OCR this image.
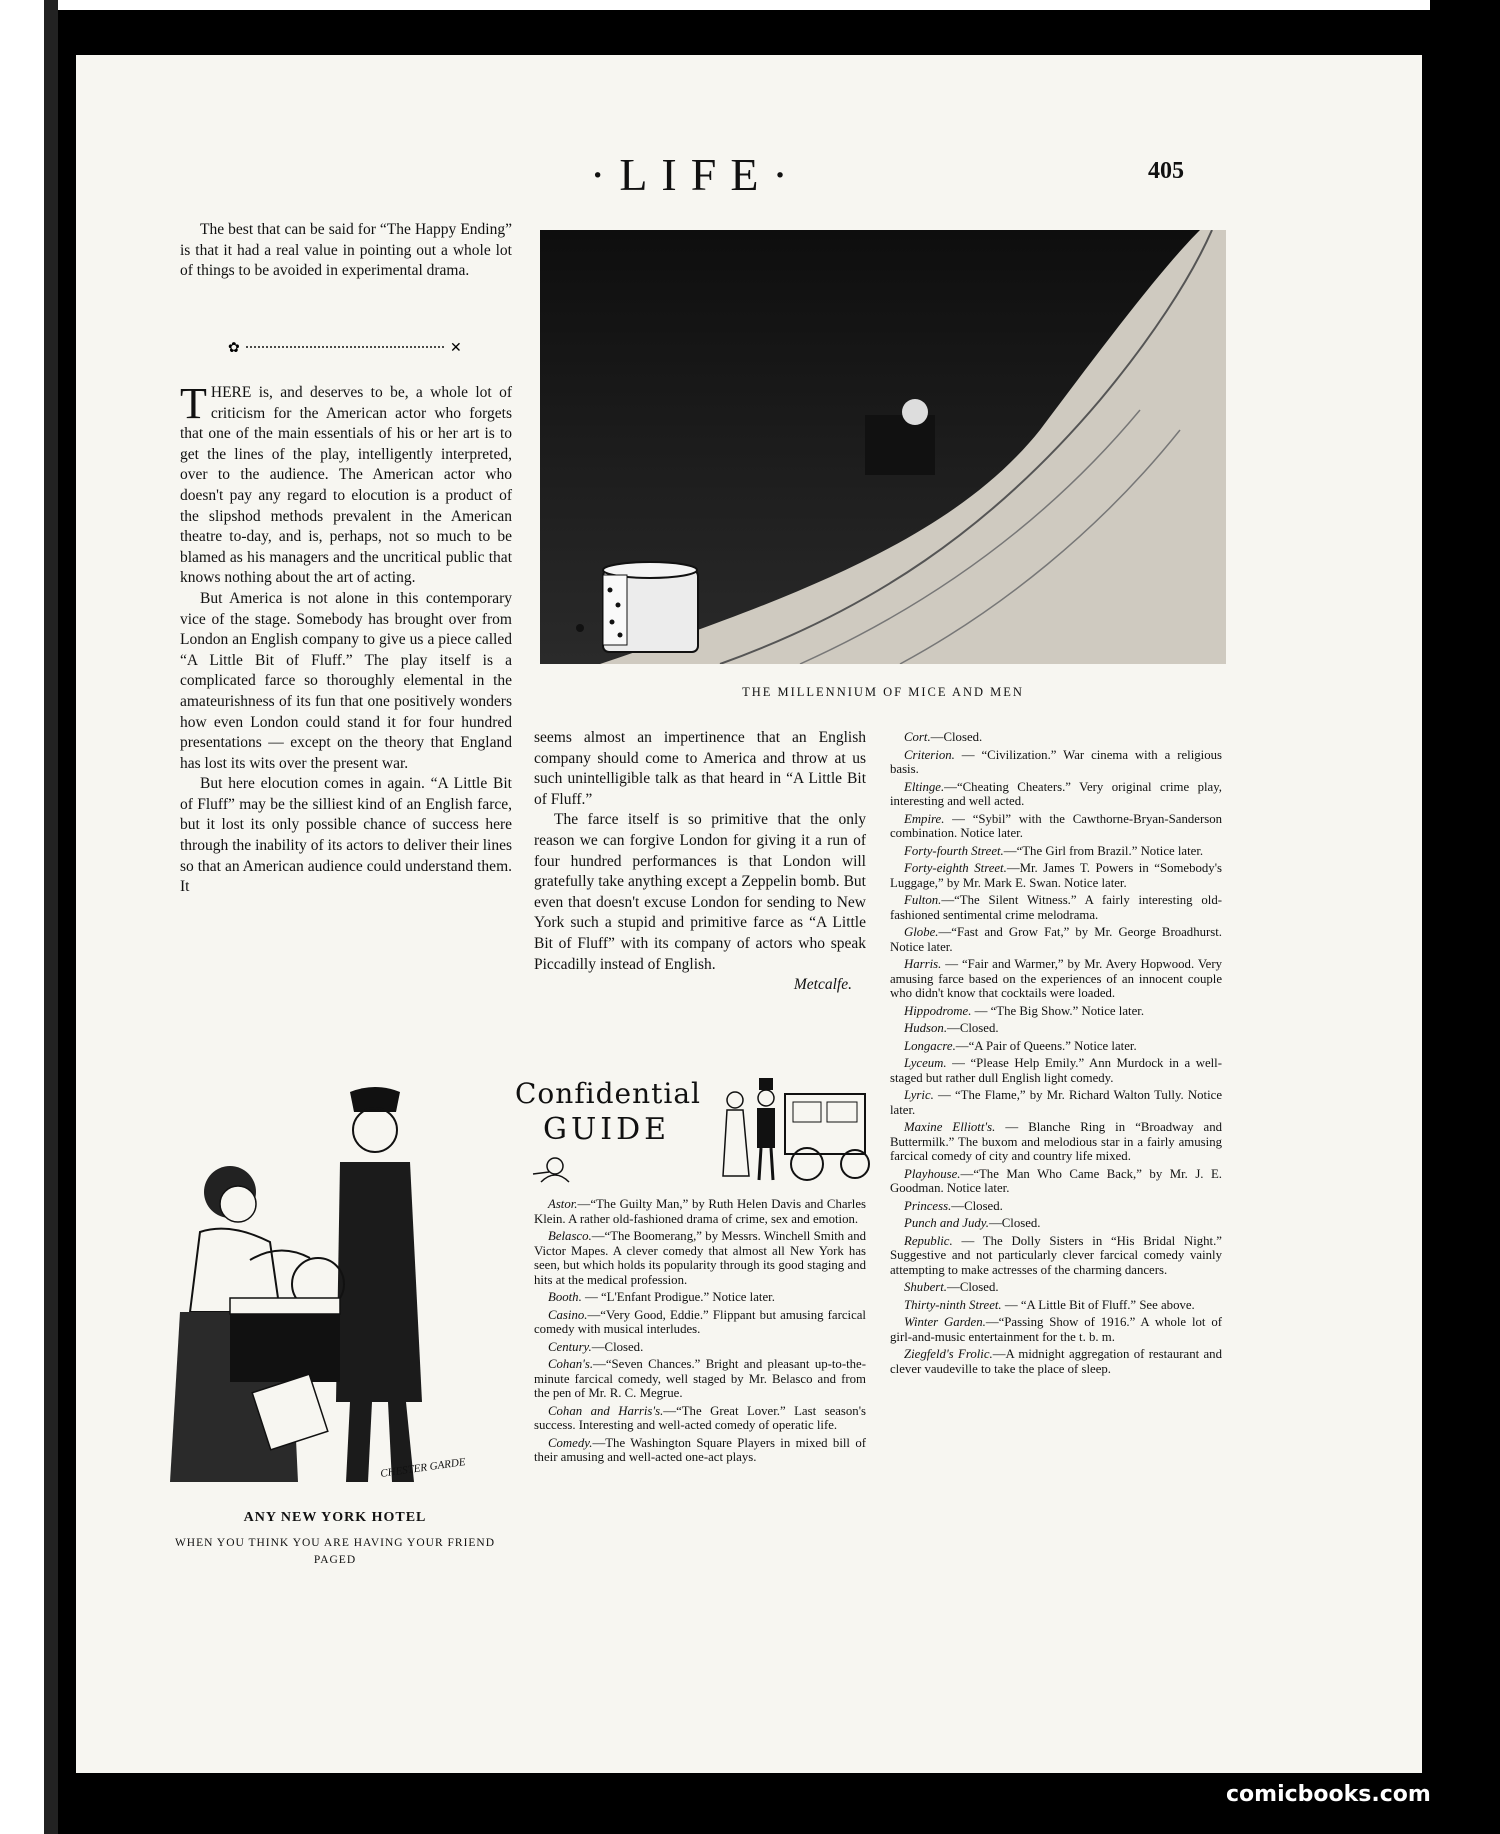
·LIFE·	405

The best that can be said for “The Happy Ending” is that it had a real value in pointing out a whole lot of things to be avoided in experimental drama.

✿	✕

THERE is, and deserves to be, a whole lot of criticism for the American actor who forgets that one of the main essentials of his or her art is to get the lines of the play, intelligently interpreted, over to the audience. The American actor who doesn't pay any regard to elocution is a product of the slipshod methods prevalent in the American theatre to-day, and is, perhaps, not so much to be blamed as his managers and the uncritical public that knows nothing about the art of acting.

But America is not alone in this contemporary vice of the stage. Somebody has brought over from London an English company to give us a piece called “A Little Bit of Fluff.” The play itself is a complicated farce so thoroughly elemental in the amateurishness of its fun that one positively wonders how even London could stand it for four hundred presentations — except on the theory that England has lost its wits over the present war.

But here elocution comes in again. “A Little Bit of Fluff” may be the silliest kind of an English farce, but it lost its only possible chance of success here through the inability of its actors to deliver their lines so that an American audience could understand them. It

THE MILLENNIUM OF MICE AND MEN

seems almost an impertinence that an English company should come to America and throw at us such unintelligible talk as that heard in “A Little Bit of Fluff.”

The farce itself is so primitive that the only reason we can forgive London for giving it a run of four hundred performances is that London will gratefully take anything except a Zeppelin bomb. But even that doesn't excuse London for sending to New York such a stupid and primitive farce as “A Little Bit of Fluff” with its company of actors who speak Piccadilly instead of English.

Metcalfe.

Confidential
GUIDE

Astor.—“The Guilty Man,” by Ruth Helen Davis and Charles Klein. A rather old-fashioned drama of crime, sex and emotion.

Belasco.—“The Boomerang,” by Messrs. Winchell Smith and Victor Mapes. A clever comedy that almost all New York has seen, but which holds its popularity through its good staging and hits at the medical profession.

Booth. — “L'Enfant Prodigue.” Notice later.

Casino.—“Very Good, Eddie.” Flippant but amusing farcical comedy with musical interludes.

Century.—Closed.

Cohan's.—“Seven Chances.” Bright and pleasant up-to-the-minute farcical comedy, well staged by Mr. Belasco and from the pen of Mr. R. C. Megrue.

Cohan and Harris's.—“The Great Lover.” Last season's success. Interesting and well-acted comedy of operatic life.

Comedy.—The Washington Square Players in mixed bill of their amusing and well-acted one-act plays.

Cort.—Closed.

Criterion. — “Civilization.” War cinema with a religious basis.

Eltinge.—“Cheating Cheaters.” Very original crime play, interesting and well acted.

Empire. — “Sybil” with the Cawthorne-Bryan-Sanderson combination. Notice later.

Forty-fourth Street.—“The Girl from Brazil.” Notice later.

Forty-eighth Street.—Mr. James T. Powers in “Somebody's Luggage,” by Mr. Mark E. Swan. Notice later.

Fulton.—“The Silent Witness.” A fairly interesting old-fashioned sentimental crime melodrama.

Globe.—“Fast and Grow Fat,” by Mr. George Broadhurst. Notice later.

Harris. — “Fair and Warmer,” by Mr. Avery Hopwood. Very amusing farce based on the experiences of an innocent couple who didn't know that cocktails were loaded.

Hippodrome. — “The Big Show.” Notice later.

Hudson.—Closed.

Longacre.—“A Pair of Queens.” Notice later.

Lyceum. — “Please Help Emily.” Ann Murdock in a well-staged but rather dull English light comedy.

Lyric. — “The Flame,” by Mr. Richard Walton Tully. Notice later.

Maxine Elliott's. — Blanche Ring in “Broadway and Buttermilk.” The buxom and melodious star in a fairly amusing farcical comedy of city and country life mixed.

Playhouse.—“The Man Who Came Back,” by Mr. J. E. Goodman. Notice later.

Princess.—Closed.

Punch and Judy.—Closed.

Republic. — The Dolly Sisters in “His Bridal Night.” Suggestive and not particularly clever farcical comedy vainly attempting to make actresses of the charming dancers.

Shubert.—Closed.

Thirty-ninth Street. — “A Little Bit of Fluff.” See above.

Winter Garden.—“Passing Show of 1916.” A whole lot of girl-and-music entertainment for the t. b. m.

Ziegfeld's Frolic.—A midnight aggregation of restaurant and clever vaudeville to take the place of sleep.

CHESTER GARDE
ANY NEW YORK HOTEL
WHEN YOU THINK YOU ARE HAVING YOUR FRIEND PAGED
comicbooks.com
